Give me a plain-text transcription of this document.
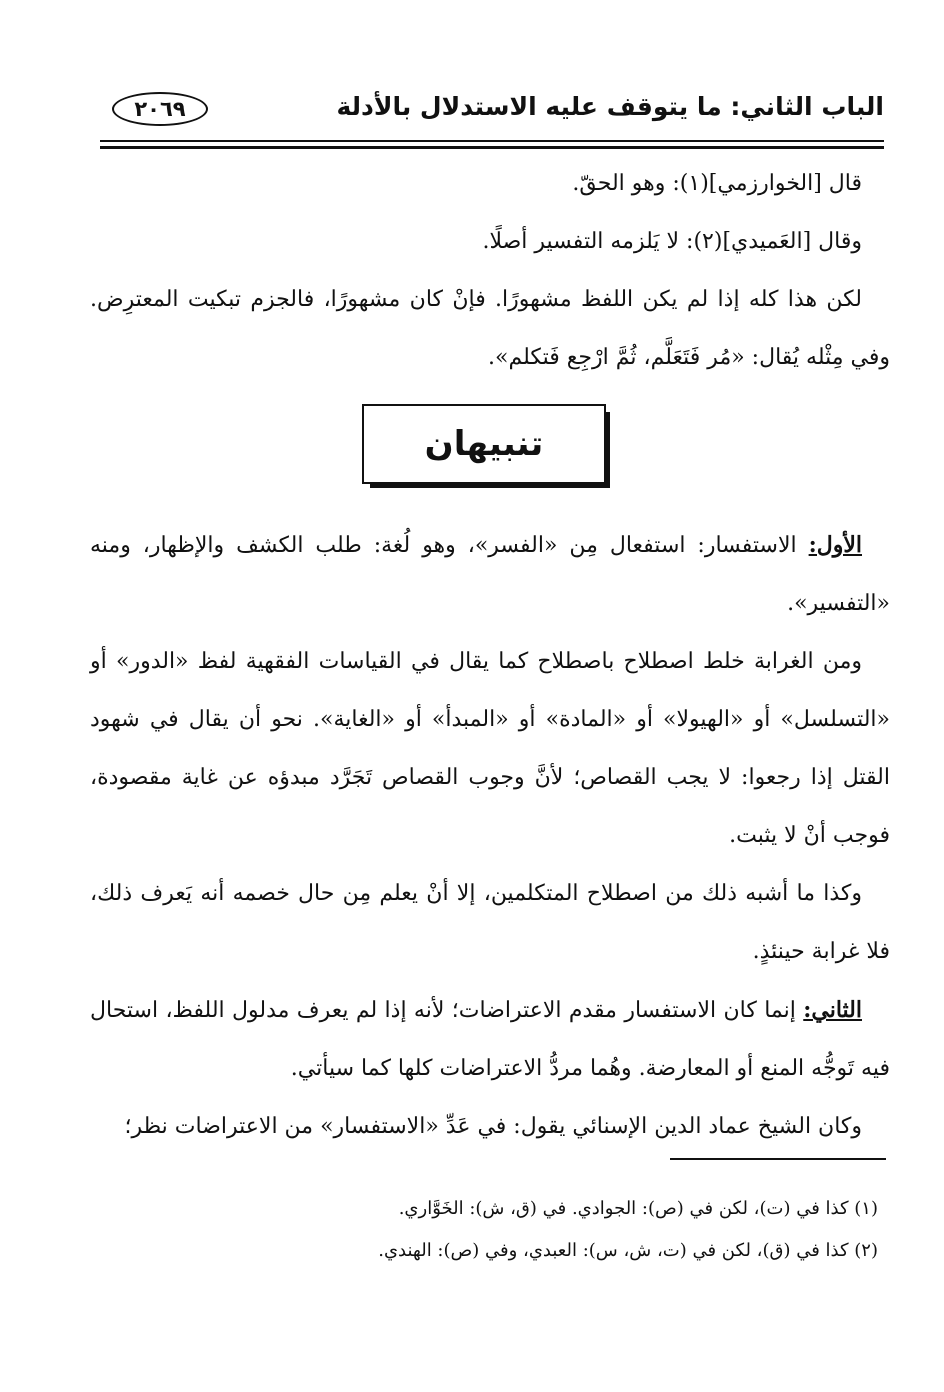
الباب الثاني: ما يتوقف عليه الاستدلال بالأدلة
٢٠٦٩

قال [الخوارزمي](١): وهو الحقّ.

وقال [العَميدي](٢): لا يَلزمه التفسير أصلًا.

لكن هذا كله إذا لم يكن اللفظ مشهورًا. فإنْ كان مشهورًا، فالجزم تبكيت المعترِض. وفي مِثْله يُقال: «مُر فَتَعَلَّم، ثُمَّ ارْجِع فَتكلم».

تنبيهان

الأول: الاستفسار: استفعال مِن «الفسر»، وهو لُغة: طلب الكشف والإظهار، ومنه «التفسير».

ومن الغرابة خلط اصطلاح باصطلاح كما يقال في القياسات الفقهية لفظ «الدور» أو «التسلسل» أو «الهيولا» أو «المادة» أو «المبدأ» أو «الغاية». نحو أن يقال في شهود القتل إذا رجعوا: لا يجب القصاص؛ لأنَّ وجوب القصاص تَجَرَّد مبدؤه عن غاية مقصودة، فوجب أنْ لا يثبت.

وكذا ما أشبه ذلك من اصطلاح المتكلمين، إلا أنْ يعلم مِن حال خصمه أنه يَعرف ذلك، فلا غرابة حينئذٍ.

الثاني: إنما كان الاستفسار مقدم الاعتراضات؛ لأنه إذا لم يعرف مدلول اللفظ، استحال فيه تَوجُّه المنع أو المعارضة. وهُما مردُّ الاعتراضات كلها كما سيأتي.

وكان الشيخ عماد الدين الإسنائي يقول: في عَدِّ «الاستفسار» من الاعتراضات نظر؛

(١) كذا في (ت)، لكن في (ص): الجوادي. في (ق، ش): الخَوَّاري.

(٢) كذا في (ق)، لكن في (ت، ش، س): العبدي، وفي (ص): الهندي.
